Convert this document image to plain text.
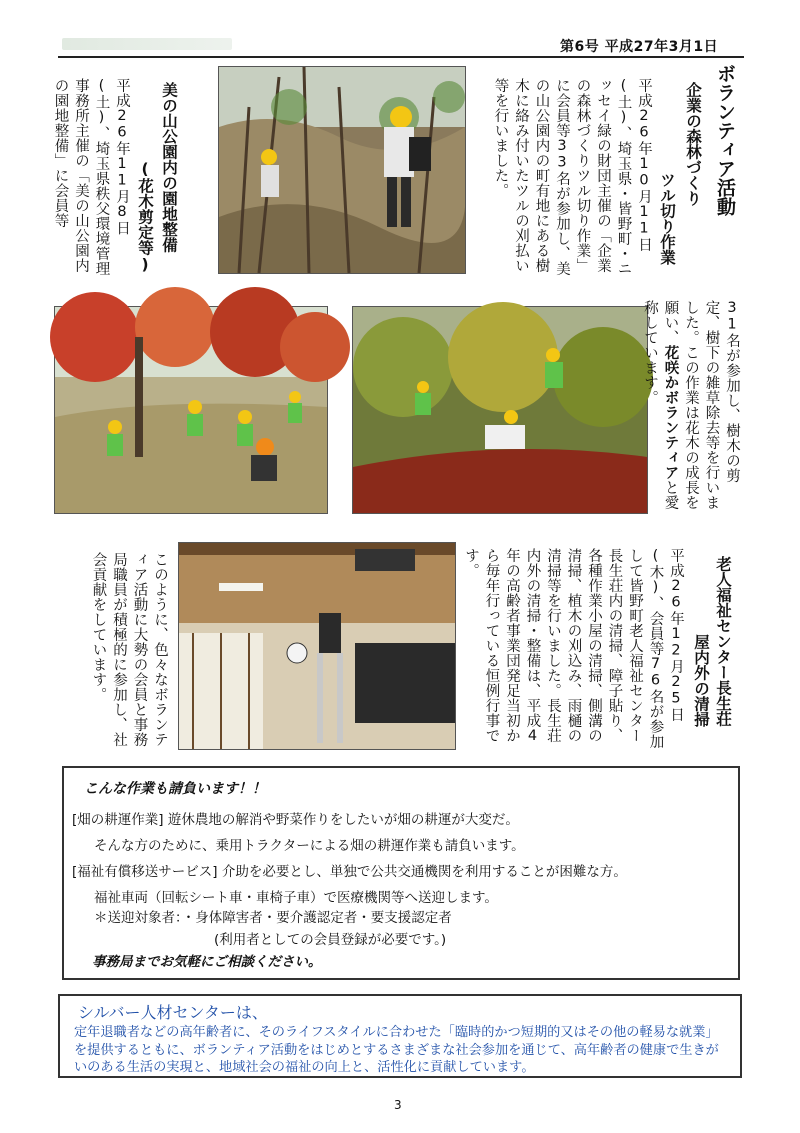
第6号 平成27年3月1日
ボランティア活動
企業の森林づくり
ツル切り作業
平成26年10月11日(土)、埼玉県・皆野町・ニッセイ緑の財団主催の「企業の森林づくりツル切り作業」に会員等33名が参加し、美の山公園内の町有地にある樹木に絡み付いたツルの刈払い等を行いました。
美の山公園内の園地整備
(花木剪定等)
平成26年11月8日(土)、埼玉県秩父環境管理事務所主催の「美の山公園内の園地整備」に会員等
31名が参加し、樹木の剪定、樹下の雑草除去等を行いました。この作業は花木の成長を願い、花咲かボランティアと愛称しています。
老人福祉センター長生荘
屋内外の清掃
平成26年12月25日(木)、会員等76名が参加して皆野町老人福祉センター長生荘内の清掃、障子貼り、各種作業小屋の清掃、側溝の清掃、植木の刈込み、雨樋の清掃等を行いました。長生荘内外の清掃・整備は、平成4年の高齢者事業団発足当初から毎年行っている恒例行事です。
このように、色々なボランティア活動に大勢の会員と事務局職員が積極的に参加し、社会貢献をしています。
こんな作業も請負います！！
[畑の耕運作業] 遊休農地の解消や野菜作りをしたいが畑の耕運が大変だ。
そんな方のために、乗用トラクターによる畑の耕運作業も請負います。
[福祉有償移送サービス] 介助を必要とし、単独で公共交通機関を利用することが困難な方。
福祉車両（回転シート車・車椅子車）で医療機関等へ送迎します。
＊送迎対象者：・身体障害者・要介護認定者・要支援認定者
(利用者としての会員登録が必要です。)
事務局までお気軽にご相談ください。
シルバー人材センターは、
定年退職者などの高年齢者に、そのライフスタイルに合わせた「臨時的かつ短期的又はその他の軽易な就業」を提供するともに、ボランティア活動をはじめとするさまざまな社会参加を通じて、高年齢者の健康で生きがいのある生活の実現と、地域社会の福祉の向上と、活性化に貢献しています。
3
